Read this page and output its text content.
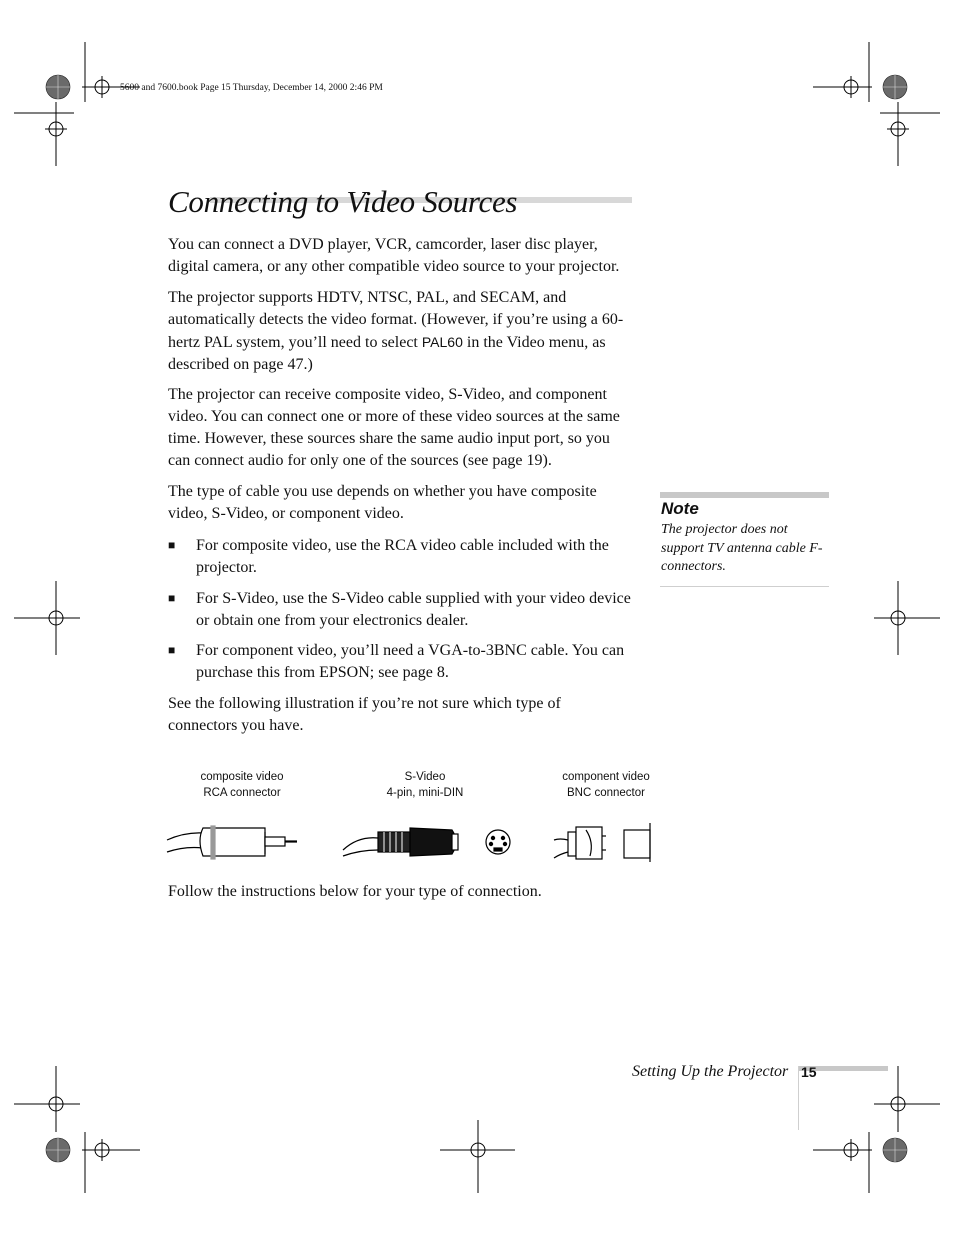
5600 and 7600.book Page 15 Thursday, December 14, 2000 2:46 PM
Connecting to Video Sources

You can connect a DVD player, VCR, camcorder, laser disc player, digital camera, or any other compatible video source to your projector.

The projector supports HDTV, NTSC, PAL, and SECAM, and automatically detects the video format. (However, if you’re using a 60-hertz PAL system, you’ll need to select PAL60 in the Video menu, as described on page 47.)

The projector can receive composite video, S-Video, and component video. You can connect one or more of these video sources at the same time. However, these sources share the same audio input port, so you can connect audio for only one of the sources (see page 19).

The type of cable you use depends on whether you have composite video, S-Video, or component video.

■ For composite video, use the RCA video cable included with the projector.
■ For S-Video, use the S-Video cable supplied with your video device or obtain one from your electronics dealer.
■ For component video, you’ll need a VGA-to-3BNC cable. You can purchase this from EPSON; see page 8.

See the following illustration if you’re not sure which type of connectors you have.

Note
The projector does not support TV antenna cable F-connectors.
composite video
RCA connector
S-Video
4-pin, mini-DIN
component video
BNC connector

Follow the instructions below for your type of connection.

Setting Up the Projector 15
